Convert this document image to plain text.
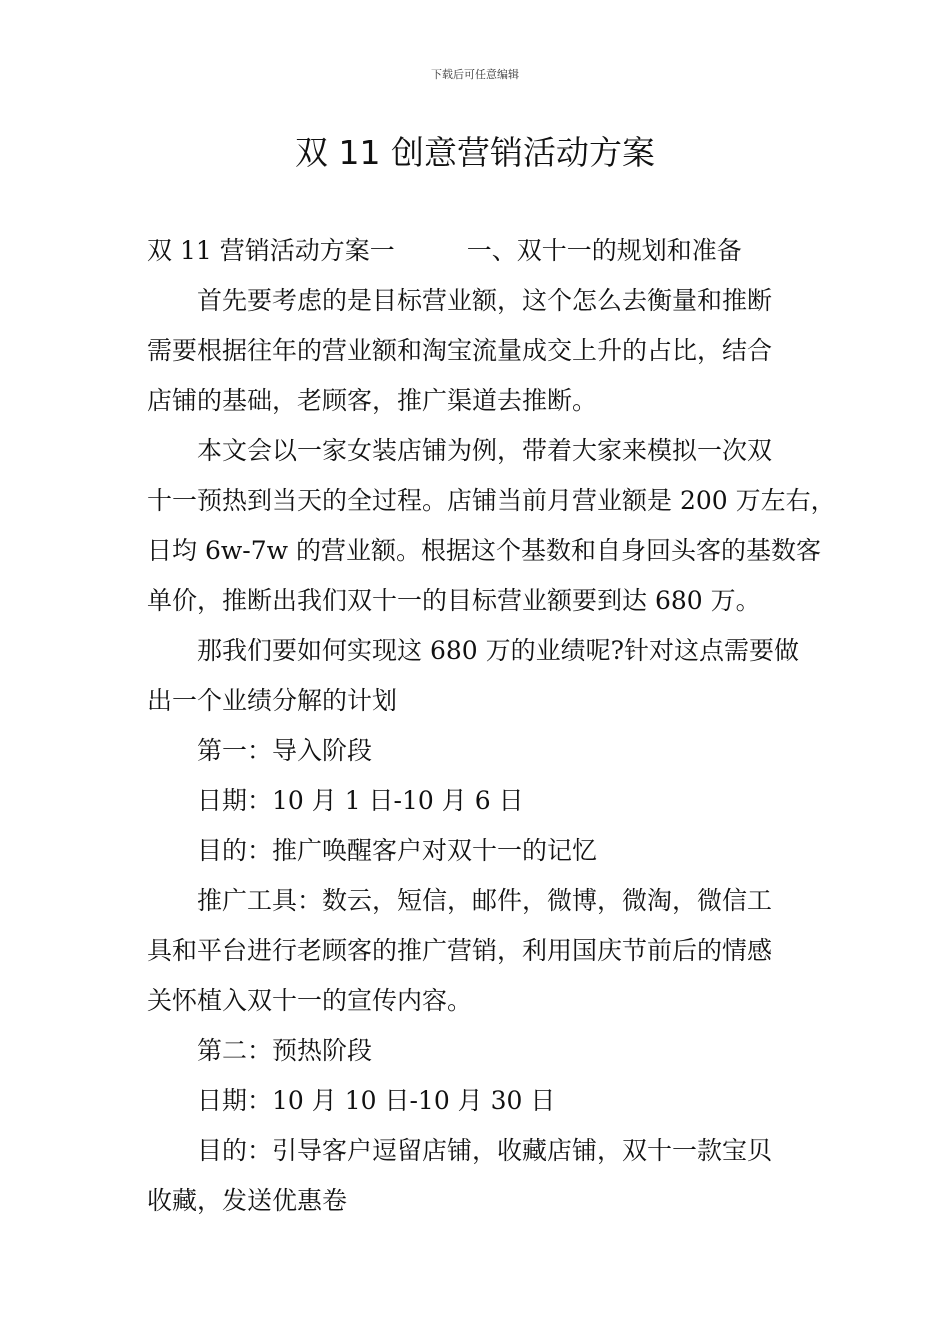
下载后可任意编辑
双 11 创意营销活动方案
双 11 营销活动方案一	一、双十一的规划和准备
首先要考虑的是目标营业额，这个怎么去衡量和推断
需要根据往年的营业额和淘宝流量成交上升的占比，结合
店铺的基础，老顾客，推广渠道去推断。
本文会以一家女装店铺为例，带着大家来模拟一次双
十一预热到当天的全过程。店铺当前月营业额是 200 万左右，
日均 6w-7w 的营业额。根据这个基数和自身回头客的基数客
单价，推断出我们双十一的目标营业额要到达 680 万。
那我们要如何实现这 680 万的业绩呢?针对这点需要做
出一个业绩分解的计划
第一：导入阶段
日期：10 月 1 日-10 月 6 日
目的：推广唤醒客户对双十一的记忆
推广工具：数云，短信，邮件，微博，微淘，微信工
具和平台进行老顾客的推广营销，利用国庆节前后的情感
关怀植入双十一的宣传内容。
第二：预热阶段
日期：10 月 10 日-10 月 30 日
目的：引导客户逗留店铺，收藏店铺，双十一款宝贝
收藏，发送优惠卷
